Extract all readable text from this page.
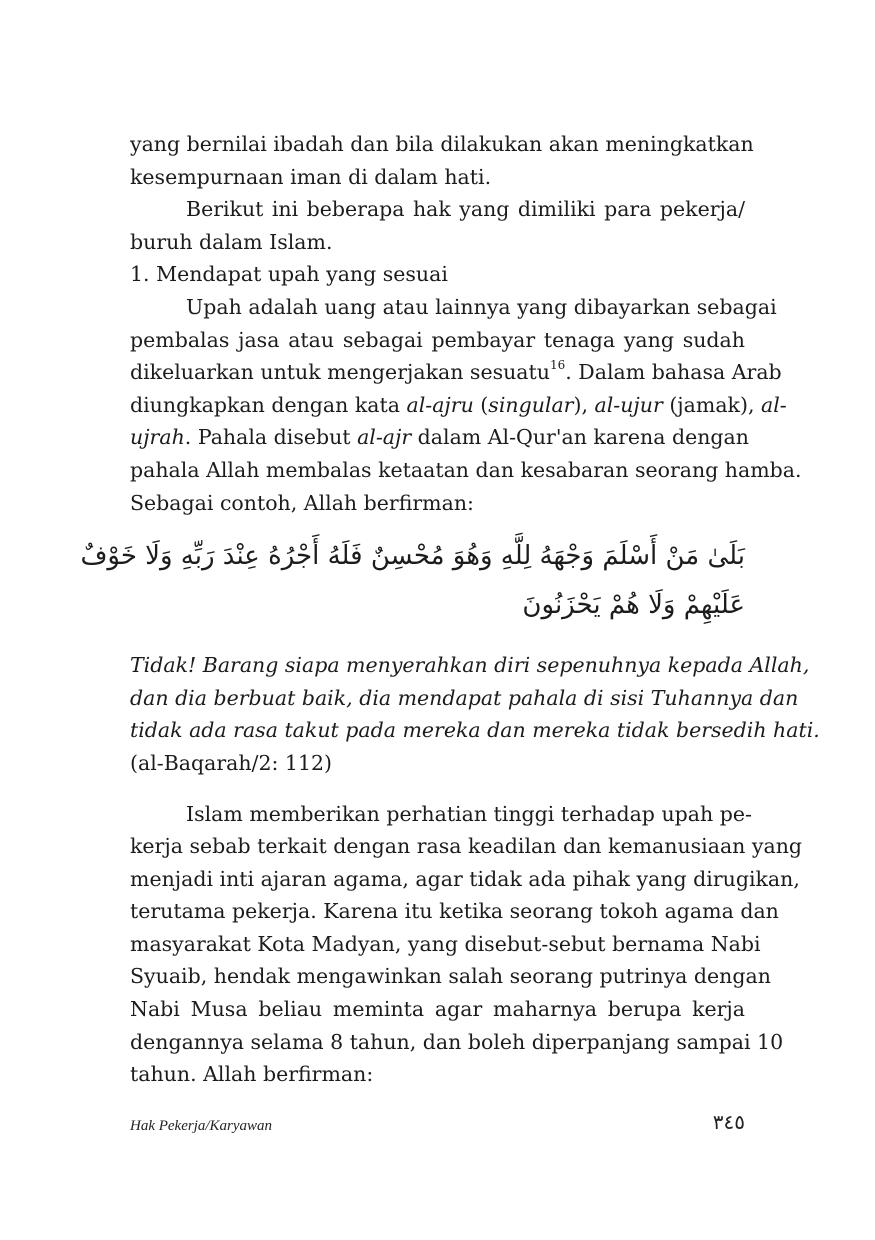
yang bernilai ibadah dan bila dilakukan akan meningkatkan
kesempurnaan iman di dalam hati.
Berikut ini beberapa hak yang dimiliki para pekerja/
buruh dalam Islam.
1. Mendapat upah yang sesuai
Upah adalah uang atau lainnya yang dibayarkan sebagai
pembalas jasa atau sebagai pembayar tenaga yang sudah
dikeluarkan untuk mengerjakan sesuatu$^{16}$. Dalam bahasa Arab
diungkapkan dengan kata al-ajru (singular), al-ujur (jamak), al-
ujrah. Pahala disebut al-ajr dalam Al-Qur'an karena dengan
pahala Allah membalas ketaatan dan kesabaran seorang hamba.
Sebagai contoh, Allah berfirman:
بَلَىٰ مَنْ أَسْلَمَ وَجْهَهُ لِلَّهِ وَهُوَ مُحْسِنٌ فَلَهُ أَجْرُهُ عِنْدَ رَبِّهِ وَلَا خَوْفٌ
عَلَيْهِمْ وَلَا هُمْ يَحْزَنُونَ
Tidak! Barang siapa menyerahkan diri sepenuhnya kepada Allah,
dan dia berbuat baik, dia mendapat pahala di sisi Tuhannya dan
tidak ada rasa takut pada mereka dan mereka tidak bersedih hati.
(al-Baqarah/2: 112)
Islam memberikan perhatian tinggi terhadap upah pe-
kerja sebab terkait dengan rasa keadilan dan kemanusiaan yang
menjadi inti ajaran agama, agar tidak ada pihak yang dirugikan,
terutama pekerja. Karena itu ketika seorang tokoh agama dan
masyarakat Kota Madyan, yang disebut-sebut bernama Nabi
Syuaib, hendak mengawinkan salah seorang putrinya dengan
Nabi Musa beliau meminta agar maharnya berupa kerja
dengannya selama 8 tahun, dan boleh diperpanjang sampai 10
tahun. Allah berfirman:
Hak Pekerja/Karyawan	٣٤٥
